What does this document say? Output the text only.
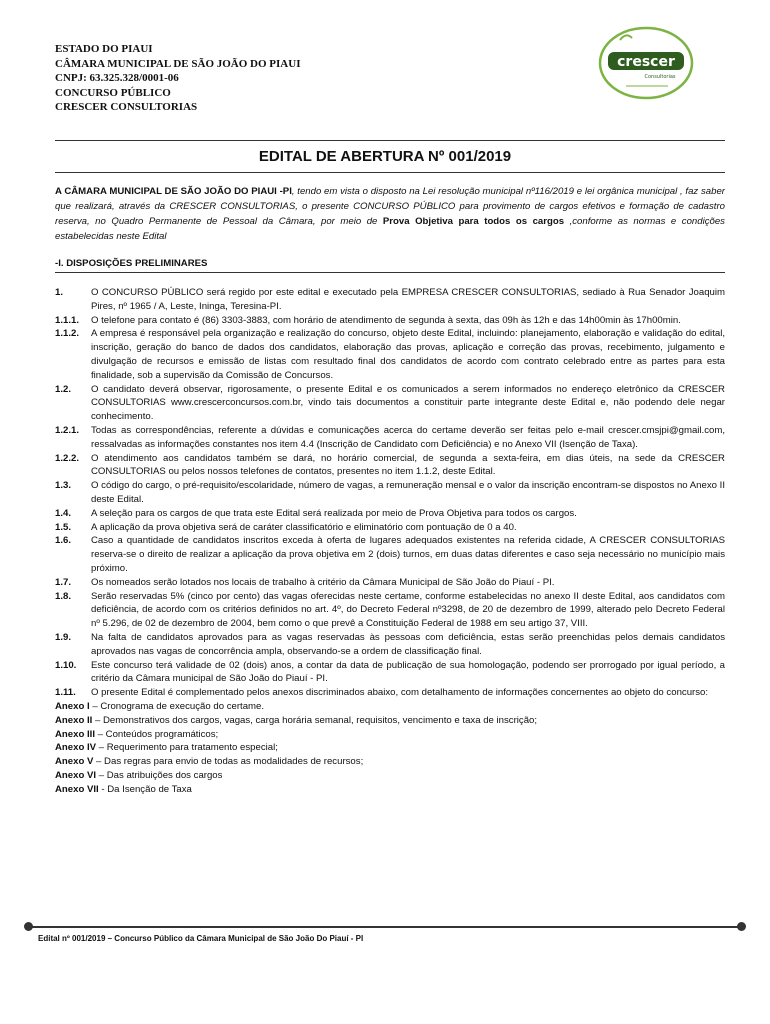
ESTADO DO PIAUI
CÂMARA MUNICIPAL DE SÃO JOÃO DO PIAUI
CNPJ: 63.325.328/0001-06
CONCURSO PÚBLICO
CRESCER CONSULTORIAS
crescer
Consultorias
EDITAL DE ABERTURA Nº 001/2019
A CÂMARA MUNICIPAL DE SÃO JOÃO DO PIAUI -PI, tendo em vista o disposto na Lei resolução municipal nº116/2019 e lei orgânica municipal , faz saber que realizará, através da CRESCER CONSULTORIAS, o presente CONCURSO PÚBLICO para provimento de cargos efetivos e formação de cadastro reserva, no Quadro Permanente de Pessoal da Câmara, por meio de Prova Objetiva para todos os cargos ,conforme as normas e condições estabelecidas neste Edital
-I. DISPOSIÇÕES PRELIMINARES
1.	O CONCURSO PÚBLICO será regido por este edital e executado pela EMPRESA CRESCER CONSULTORIAS, sediado à Rua Senador Joaquim Pires, nº 1965 / A, Leste, Ininga, Teresina-PI.
1.1.1.	O telefone para contato é (86) 3303-3883, com horário de atendimento de segunda à sexta, das 09h às 12h e das 14h00min às 17h00min.
1.1.2.	A empresa é responsável pela organização e realização do concurso, objeto deste Edital, incluindo: planejamento, elaboração e validação do edital, inscrição, geração do banco de dados dos candidatos, elaboração das provas, aplicação e correção das provas, recebimento, julgamento e divulgação de recursos e emissão de listas com resultado final dos candidatos de acordo com contrato celebrado entre as partes para esta finalidade, sob a supervisão da Comissão de Concursos.
1.2.	O candidato deverá observar, rigorosamente, o presente Edital e os comunicados a serem informados no endereço eletrônico da CRESCER CONSULTORIAS www.crescerconcursos.com.br, vindo tais documentos a constituir parte integrante deste Edital e, não podendo dele negar conhecimento.
1.2.1.	Todas as correspondências, referente a dúvidas e comunicações acerca do certame deverão ser feitas pelo e-mail crescer.cmsjpi@gmail.com, ressalvadas as informações constantes nos item 4.4 (Inscrição de Candidato com Deficiência) e no Anexo VII (Isenção de Taxa).
1.2.2.	O atendimento aos candidatos também se dará, no horário comercial, de segunda a sexta-feira, em dias úteis, na sede da CRESCER CONSULTORIAS ou pelos nossos telefones de contatos, presentes no item 1.1.2, deste Edital.
1.3.	O código do cargo, o pré-requisito/escolaridade, número de vagas, a remuneração mensal e o valor da inscrição encontram-se dispostos no Anexo II deste Edital.
1.4.	A seleção para os cargos de que trata este Edital será realizada por meio de Prova Objetiva para todos os cargos.
1.5.	A aplicação da prova objetiva será de caráter classificatório e eliminatório com pontuação de 0 a 40.
1.6.	Caso a quantidade de candidatos inscritos exceda à oferta de lugares adequados existentes na referida cidade, A CRESCER CONSULTORIAS reserva-se o direito de realizar a aplicação da prova objetiva em 2 (dois) turnos, em duas datas diferentes e caso seja necessário no município mais próximo.
1.7.	Os nomeados serão lotados nos locais de trabalho à critério da Câmara Municipal de São João do Piauí - PI.
1.8.	Serão reservadas 5% (cinco por cento) das vagas oferecidas neste certame, conforme estabelecidas no anexo II deste Edital, aos candidatos com deficiência, de acordo com os critérios definidos no art. 4º, do Decreto Federal nº3298, de 20 de dezembro de 1999, alterado pelo Decreto Federal nº 5.296, de 02 de dezembro de 2004, bem como o que prevê a Constituição Federal de 1988 em seu artigo 37, VIII.
1.9.	Na falta de candidatos aprovados para as vagas reservadas às pessoas com deficiência, estas serão preenchidas pelos demais candidatos aprovados nas vagas de concorrência ampla, observando-se a ordem de classificação final.
1.10.	Este concurso terá validade de 02 (dois) anos, a contar da data de publicação de sua homologação, podendo ser prorrogado por igual período, a critério da Câmara municipal de São João do Piauí - PI.
1.11.	O presente Edital é complementado pelos anexos discriminados abaixo, com detalhamento de informações concernentes ao objeto do concurso:
Anexo I – Cronograma de execução do certame.
Anexo II – Demonstrativos dos cargos, vagas, carga horária semanal, requisitos, vencimento e taxa de inscrição;
Anexo III – Conteúdos programáticos;
Anexo IV – Requerimento para tratamento especial;
Anexo V – Das regras para envio de todas as modalidades de recursos;
Anexo VI – Das atribuições dos cargos
Anexo VII - Da Isenção de Taxa
Edital nº 001/2019 – Concurso Público da Câmara Municipal de São João Do Piauí - PI
